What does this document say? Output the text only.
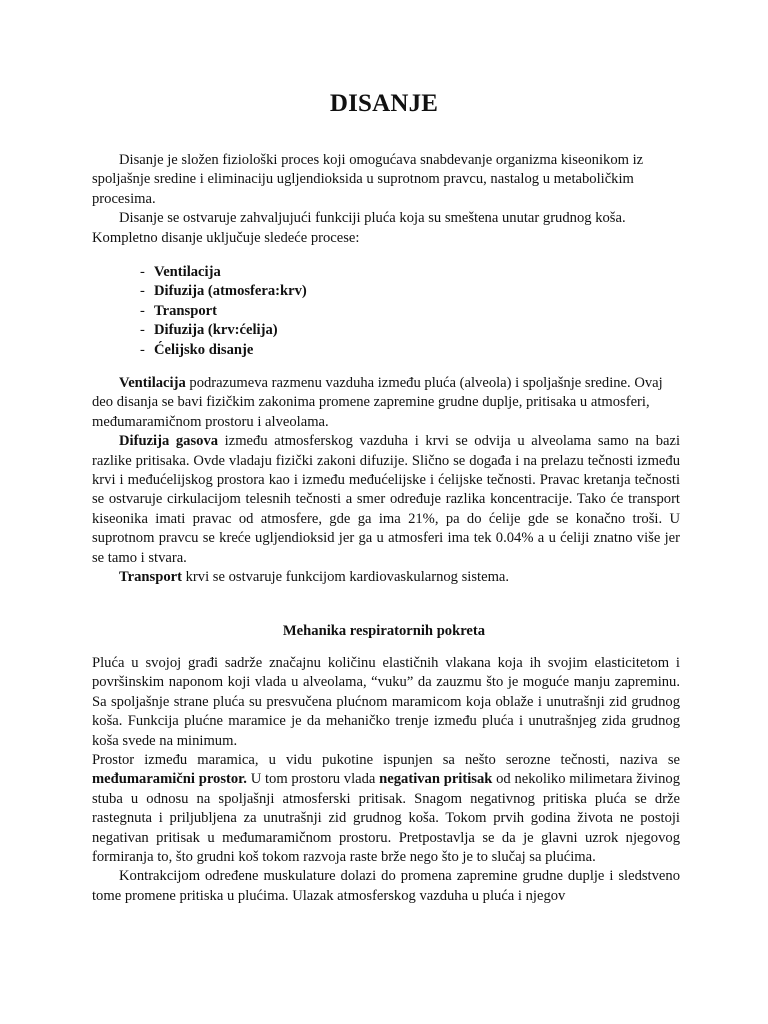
DISANJE

Disanje je složen fiziološki proces koji omogućava snabdevanje organizma kiseonikom iz spoljašnje sredine i eliminaciju ugljendioksida u suprotnom pravcu, nastalog u metaboličkim procesima.

Disanje se ostvaruje zahvaljujući funkciji pluća koja su smeštena unutar grudnog koša. Kompletno disanje uključuje sledeće procese:

- Ventilacija
- Difuzija (atmosfera:krv)
- Transport
- Difuzija (krv:ćelija)
- Ćelijsko disanje

Ventilacija podrazumeva razmenu vazduha između pluća (alveola) i spoljašnje sredine. Ovaj deo disanja se bavi fizičkim zakonima promene zapremine grudne duplje, pritisaka u atmosferi, međumaramičnom prostoru i alveolama.

Difuzija gasova između atmosferskog vazduha i krvi se odvija u alveolama samo na bazi razlike pritisaka. Ovde vladaju fizički zakoni difuzije. Slično se događa i na prelazu tečnosti između krvi i međućelijskog prostora kao i između međućelijske i ćelijske tečnosti. Pravac kretanja tečnosti se ostvaruje cirkulacijom telesnih tečnosti a smer određuje razlika koncentracije. Tako će transport kiseonika imati pravac od atmosfere, gde ga ima 21%, pa do ćelije gde se konačno troši. U suprotnom pravcu se kreće ugljendioksid jer ga u atmosferi ima tek 0.04% a u ćeliji znatno više jer se tamo i stvara.

Transport krvi se ostvaruje funkcijom kardiovaskularnog sistema.

Mehanika respiratornih pokreta

Pluća u svojoj građi sadrže značajnu količinu elastičnih vlakana koja ih svojim elasticitetom i površinskim naponom koji vlada u alveolama, “vuku” da zauzmu što je moguće manju zapreminu. Sa spoljašnje strane pluća su presvučena plućnom maramicom koja oblaže i unutrašnji zid grudnog koša. Funkcija plućne maramice je da mehaničko trenje između pluća i unutrašnjeg zida grudnog koša svede na minimum.

Prostor između maramica, u vidu pukotine ispunjen sa nešto serozne tečnosti, naziva se međumaramični prostor. U tom prostoru vlada negativan pritisak od nekoliko milimetara živinog stuba u odnosu na spoljašnji atmosferski pritisak. Snagom negativnog pritiska pluća se drže rastegnuta i priljubljena za unutrašnji zid grudnog koša. Tokom prvih godina života ne postoji negativan pritisak u međumaramičnom prostoru. Pretpostavlja se da je glavni uzrok njegovog formiranja to, što grudni koš tokom razvoja raste brže nego što je to slučaj sa plućima.

Kontrakcijom određene muskulature dolazi do promena zapremine grudne duplje i sledstveno tome promene pritiska u plućima. Ulazak atmosferskog vazduha u pluća i njegov
